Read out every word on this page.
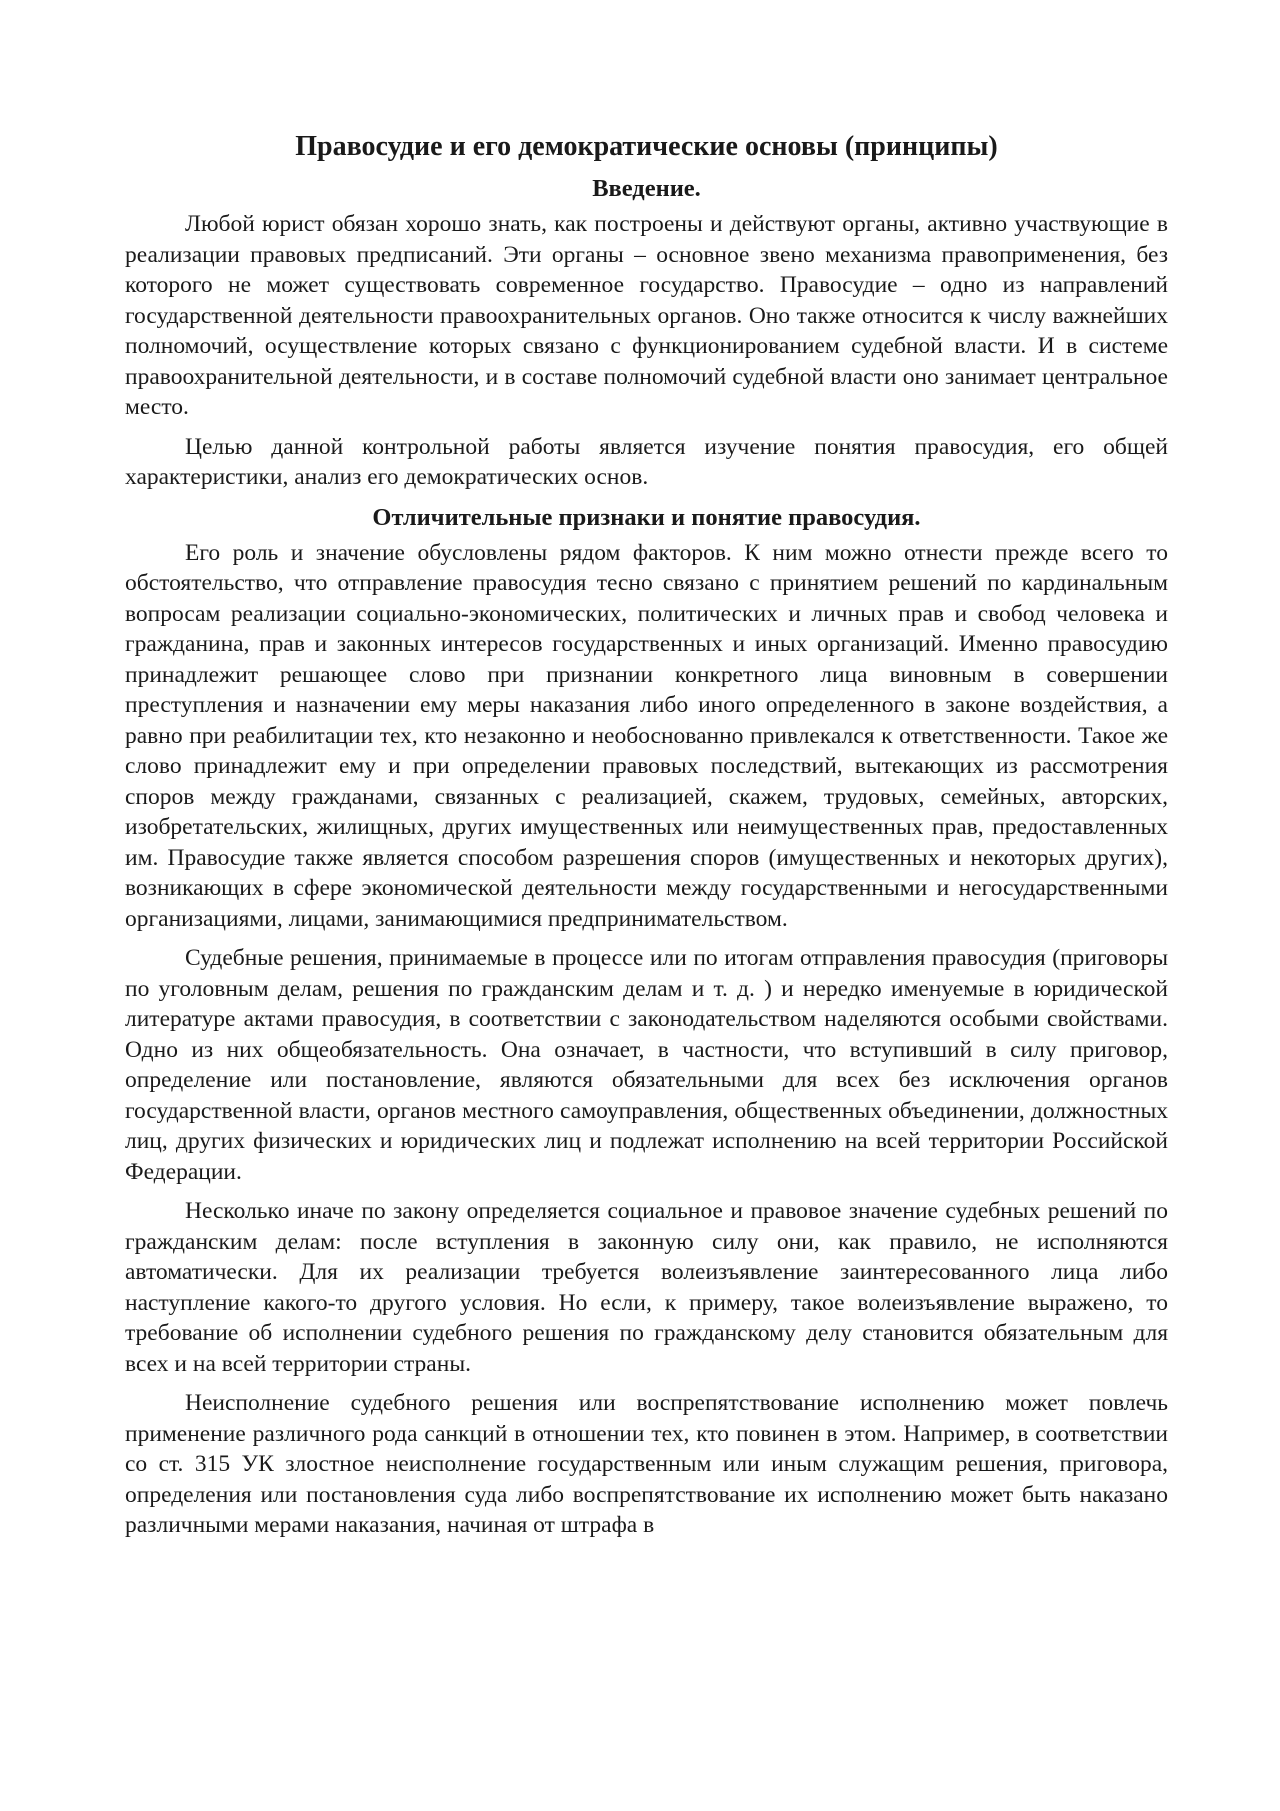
Правосудие и его демократические основы (принципы)
Введение.

Любой юрист обязан хорошо знать, как построены и действуют органы, активно участвующие в реализации правовых предписаний. Эти органы – основное звено механизма правоприменения, без которого не может существовать современное государство. Правосудие – одно из направлений государственной деятельности правоохранительных органов. Оно также относится к числу важнейших полномочий, осуществление которых связано с функционированием судебной власти. И в системе правоохранительной деятельности, и в составе полномочий судебной власти оно занимает центральное место.

Целью данной контрольной работы является изучение понятия правосудия, его общей характеристики, анализ его демократических основ.

Отличительные признаки и понятие правосудия.

Его роль и значение обусловлены рядом факторов. К ним можно отнести прежде всего то обстоятельство, что отправление правосудия тесно связано с принятием решений по кардинальным вопросам реализации социально-экономических, политических и личных прав и свобод человека и гражданина, прав и законных интересов государственных и иных организаций. Именно правосудию принадлежит решающее слово при признании конкретного лица виновным в совершении преступления и назначении ему меры наказания либо иного определенного в законе воздействия, а равно при реабилитации тех, кто незаконно и необоснованно привлекался к ответственности. Такое же слово принадлежит ему и при определении правовых последствий, вытекающих из рассмотрения споров между гражданами, связанных с реализацией, скажем, трудовых, семейных, авторских, изобретательских, жилищных, других имущественных или неимущественных прав, предоставленных им. Правосудие также является способом разрешения споров (имущественных и некоторых других), возникающих в сфере экономической деятельности между государственными и негосударственными организациями, лицами, занимающимися предпринимательством.

Судебные решения, принимаемые в процессе или по итогам отправления правосудия (приговоры по уголовным делам, решения по гражданским делам и т. д. ) и нередко именуемые в юридической литературе актами правосудия, в соответствии с законодательством наделяются особыми свойствами. Одно из них общеобязательность. Она означает, в частности, что вступивший в силу приговор, определение или постановление, являются обязательными для всех без исключения органов государственной власти, органов местного самоуправления, общественных объединении, должностных лиц, других физических и юридических лиц и подлежат исполнению на всей территории Российской Федерации.

Несколько иначе по закону определяется социальное и правовое значение судебных решений по гражданским делам: после вступления в законную силу они, как правило, не исполняются автоматически. Для их реализации требуется волеизъявление заинтересованного лица либо наступление какого-то другого условия. Но если, к примеру, такое волеизъявление выражено, то требование об исполнении судебного решения по гражданскому делу становится обязательным для всех и на всей территории страны.

Неисполнение судебного решения или воспрепятствование исполнению может повлечь применение различного рода санкций в отношении тех, кто повинен в этом. Например, в соответствии со ст. 315 УК злостное неисполнение государственным или иным служащим решения, приговора, определения или постановления суда либо воспрепятствование их исполнению может быть наказано различными мерами наказания, начиная от штрафа в
